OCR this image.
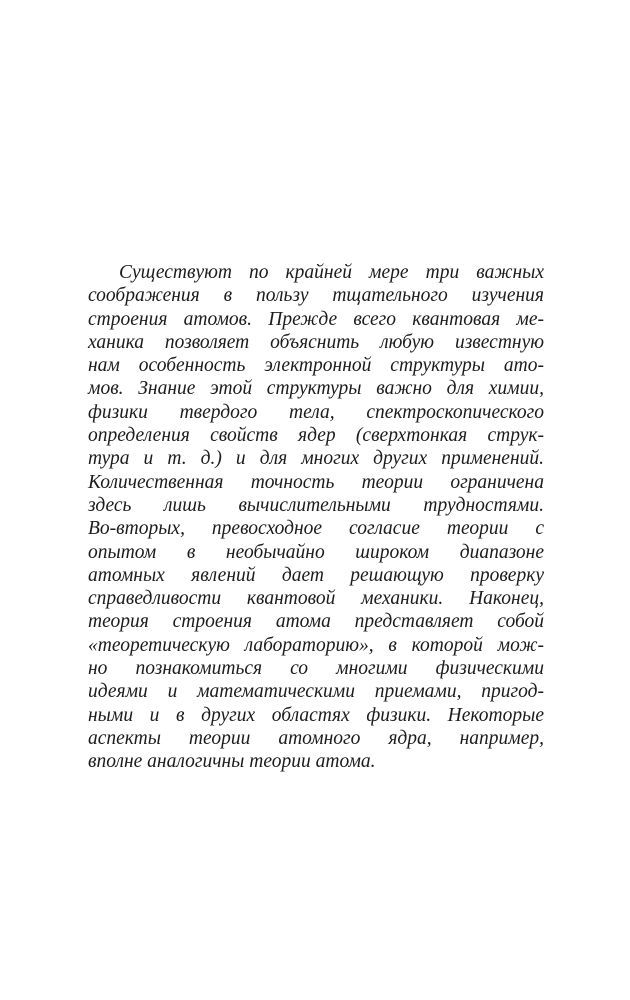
Существуют по крайней мере три важных
соображения в пользу тщательного изучения
строения атомов. Прежде всего квантовая ме-
ханика позволяет объяснить любую известную
нам особенность электронной структуры ато-
мов. Знание этой структуры важно для химии,
физики твердого тела, спектроскопического
определения свойств ядер (сверхтонкая струк-
тура и т. д.) и для многих других применений.
Количественная точность теории ограничена
здесь лишь вычислительными трудностями.
Во-вторых, превосходное согласие теории с
опытом в необычайно широком диапазоне
атомных явлений дает решающую проверку
справедливости квантовой механики. Наконец,
теория строения атома представляет собой
«теоретическую лабораторию», в которой мож-
но познакомиться со многими физическими
идеями и математическими приемами, пригод-
ными и в других областях физики. Некоторые
аспекты теории атомного ядра, например,
вполне аналогичны теории атома.
